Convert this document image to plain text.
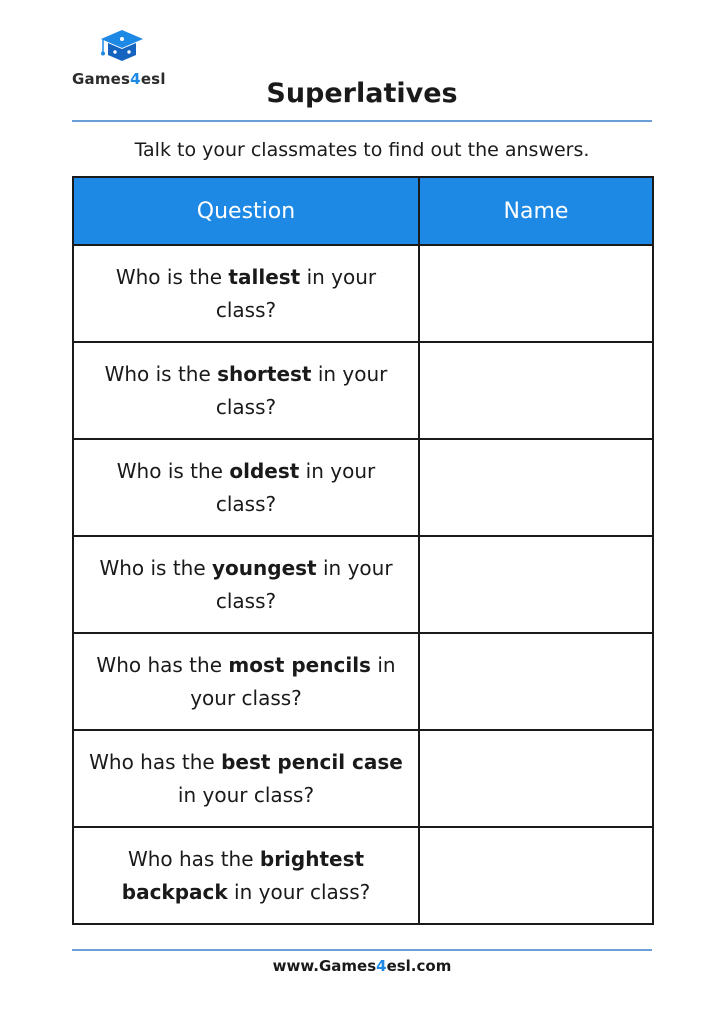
Games4esl	Superlatives
Talk to your classmates to find out the answers.
Question	Name
Who is the tallest in your class?	
Who is the shortest in your class?	
Who is the oldest in your class?	
Who is the youngest in your class?	
Who has the most pencils in your class?	
Who has the best pencil case in your class?	
Who has the brightest backpack in your class?	
www.Games4esl.com
